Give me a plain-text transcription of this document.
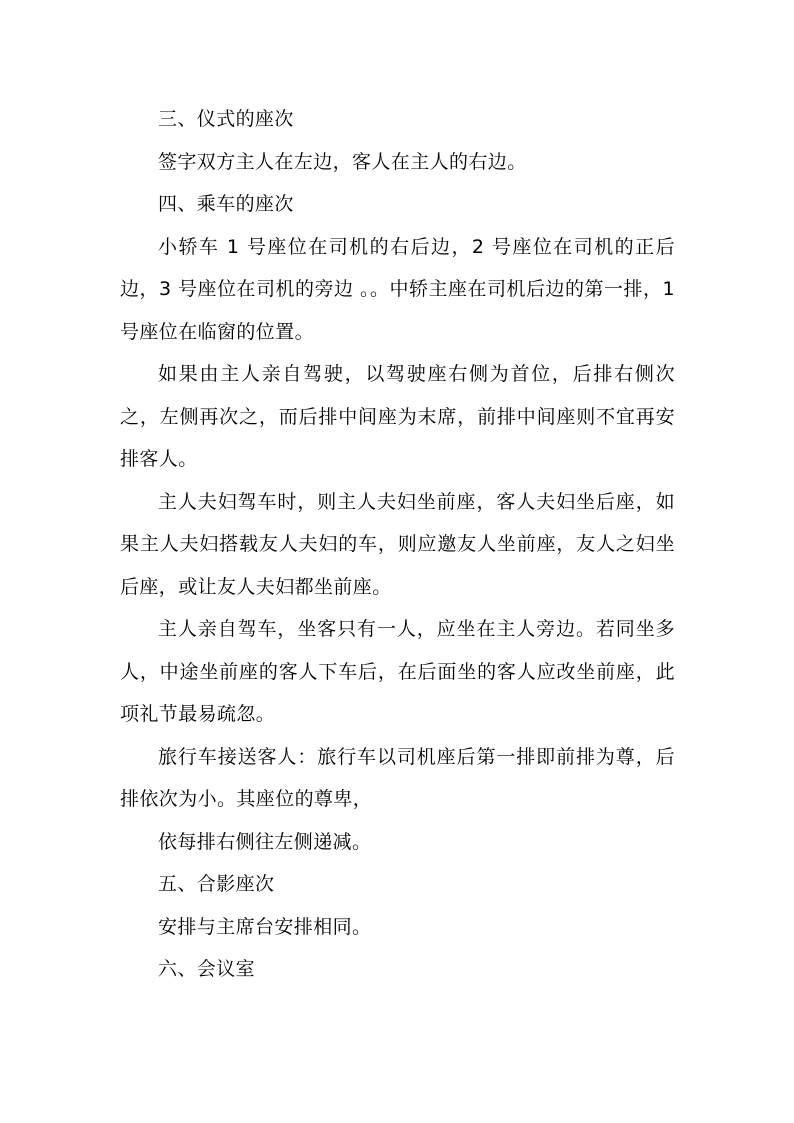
三、仪式的座次

签字双方主人在左边，客人在主人的右边。

四、乘车的座次

小轿车 1 号座位在司机的右后边，2 号座位在司机的正后边，3 号座位在司机的旁边 。。中轿主座在司机后边的第一排，1 号座位在临窗的位置。

如果由主人亲自驾驶，以驾驶座右侧为首位，后排右侧次之，左侧再次之，而后排中间座为末席，前排中间座则不宜再安排客人。

主人夫妇驾车时，则主人夫妇坐前座，客人夫妇坐后座，如果主人夫妇搭载友人夫妇的车，则应邀友人坐前座，友人之妇坐后座，或让友人夫妇都坐前座。

主人亲自驾车，坐客只有一人，应坐在主人旁边。若同坐多人，中途坐前座的客人下车后，在后面坐的客人应改坐前座，此项礼节最易疏忽。

旅行车接送客人：旅行车以司机座后第一排即前排为尊，后排依次为小。其座位的尊卑，

依每排右侧往左侧递减。

五、合影座次

安排与主席台安排相同。

六、会议室
